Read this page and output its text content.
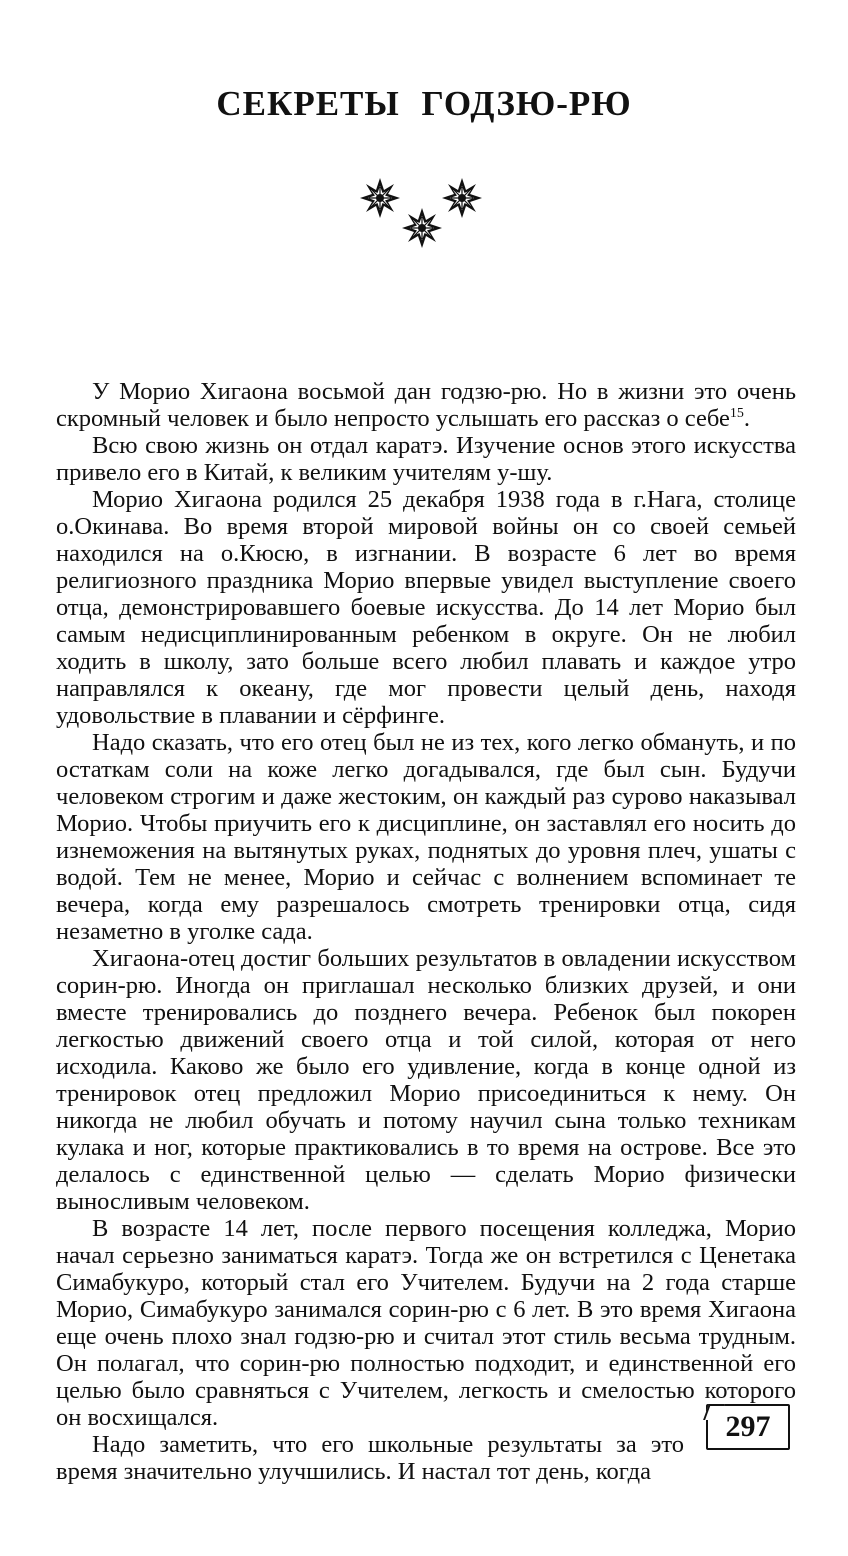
СЕКРЕТЫ ГОДЗЮ-РЮ

У Морио Хигаона восьмой дан годзю-рю. Но в жизни это очень скромный человек и было непросто услышать его рассказ о себе$^{15}$.

Всю свою жизнь он отдал каратэ. Изучение основ этого искусства привело его в Китай, к великим учителям у-шу.

Морио Хигаона родился 25 декабря 1938 года в г.Нага, столице о.Окинава. Во время второй мировой войны он со своей семьей находился на о.Кюсю, в изгнании. В возрасте 6 лет во время религиозного праздника Морио впервые увидел выступление своего отца, демонстрировавшего боевые искусства. До 14 лет Морио был самым недисциплинированным ребенком в округе. Он не любил ходить в школу, зато больше всего любил плавать и каждое утро направлялся к океану, где мог провести целый день, находя удовольствие в плавании и сёрфинге.

Надо сказать, что его отец был не из тех, кого легко обмануть, и по остаткам соли на коже легко догадывался, где был сын. Будучи человеком строгим и даже жестоким, он каждый раз сурово наказывал Морио. Чтобы приучить его к дисциплине, он заставлял его носить до изнеможения на вытянутых руках, поднятых до уровня плеч, ушаты с водой. Тем не менее, Морио и сейчас с волнением вспоминает те вечера, когда ему разрешалось смотреть тренировки отца, сидя незаметно в уголке сада.

Хигаона-отец достиг больших результатов в овладении искусством сорин-рю. Иногда он приглашал несколько близких друзей, и они вместе тренировались до позднего вечера. Ребенок был покорен легкостью движений своего отца и той силой, которая от него исходила. Каково же было его удивление, когда в конце одной из тренировок отец предложил Морио присоединиться к нему. Он никогда не любил обучать и потому научил сына только техникам кулака и ног, которые практиковались в то время на острове. Все это делалось с единственной целью — сделать Морио физически выносливым человеком.

В возрасте 14 лет, после первого посещения колледжа, Морио начал серьезно заниматься каратэ. Тогда же он встретился с Ценетака Симабукуро, который стал его Учителем. Будучи на 2 года старше Морио, Симабукуро занимался сорин-рю с 6 лет. В это время Хигаона еще очень плохо знал годзю-рю и считал этот стиль весьма трудным. Он полагал, что сорин-рю полностью подходит, и единственной его целью было сравняться с Учителем, легкость и смелостью которого он восхищался.

Надо заметить, что его школьные результаты за это время значительно улучшились. И настал тот день, когда

297
